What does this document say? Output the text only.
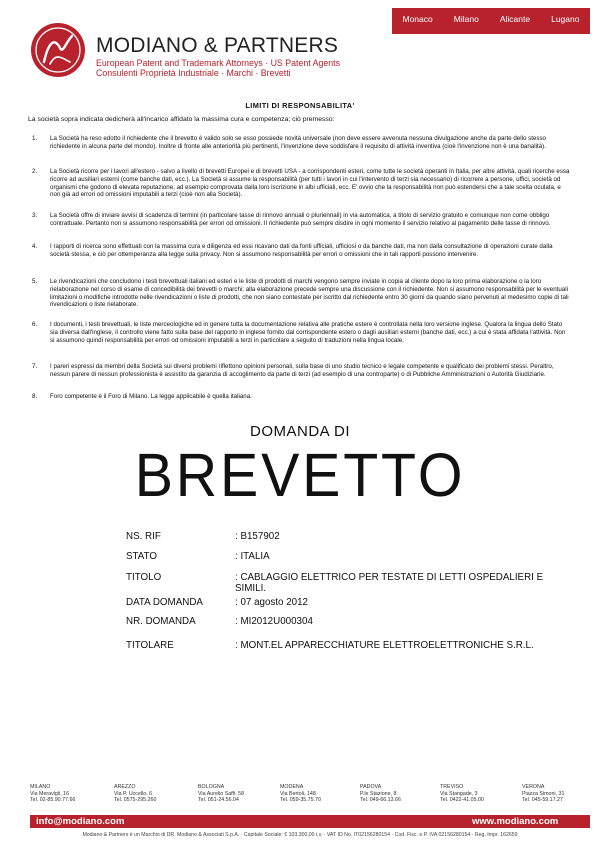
Monaco Milano Alicante Lugano
MODIANO & PARTNERS
European Patent and Trademark Attorneys · US Patent Agents
Consulenti Proprietà Industriale · Marchi · Brevetti
LIMITI DI RESPONSABILITA'
La società sopra indicata dedicherà all'incarico affidato la massima cura e competenza; ciò premesso:
1.	La Società ha reso edotto il richiedente che il brevetto è valido solo se esso possiede novità universale (non deve essere avvenuta nessuna divulgazione anche da parte dello stesso richiedente in alcuna parte del mondo). Inoltre di fronte alle anteriorità più pertinenti, l'invenzione deve soddisfare il requisito di attività inventiva (cioè l'invenzione non è una banalità).
2.	La Società ricorre per i lavori all'estero - salvo a livello di brevetti Europei e di brevetti USA - a corrispondenti esteri, come tutte le società operanti in Italia, per altre attività, quali ricerche essa ricorre ad ausiliari esterni (come banche dati, ecc.). La Società si assume la responsabilità (per tutti i lavori in cui l'intervento di terzi sia necessario) di ricorrere a persone, uffici, società od organismi che godono di elevata reputazione, ad esempio comprovata dalla loro iscrizione in albi ufficiali, ecc. E' ovvio che la responsabilità non può estendersi che a tale scelta oculata, e non già ad errori od omissioni imputabili a terzi (cioè non alla Società).
3.	La Società offre di inviare avvisi di scadenza di termini (in particolare tasse di rinnovo annuali o pluriennali) in via automatica, a titolo di servizio gratuito e comunque non come obbligo contrattuale. Pertanto non si assumono responsabilità per errori od omissioni. Il richiedente può sempre disdire in ogni momento il servizio relativo al pagamento delle tasse di rinnovo.
4.	I rapporti di ricerca sono effettuati con la massima cura e diligenza ed essi ricavano dati da fonti ufficiali, ufficiosi o da banche dati, ma non dalla consultazione di operazioni curate dalla società stessa, e ciò per ottemperanza alla legge sulla privacy. Non si assumono responsabilità per errori o omissioni che in tali rapporti possono intervenire.
5.	Le rivendicazioni che concludono i testi brevettuali italiani ed esteri e le liste di prodotti di marchi vengono sempre inviate in copia al cliente dopo la loro prima elaborazione o la loro rielaborazione nel corso di esame di concedibilità dei brevetti o marchi; alla elaborazione precede sempre una discussione con il richiedente. Non si assumono responsabilità per le eventuali limitazioni o modifiche introdotte nelle rivendicazioni o liste di prodotti, che non siano contestate per iscritto dal richiedente entro 30 giorni da quando siano pervenuti al medesimo copie di tali rivendicazioni o liste rielaborate.
6.	I documenti, i testi brevettuali, le liste merceologiche ed in genere tutta la documentazione relativa alle pratiche estere è controllata nella loro versione inglese. Qualora la lingua dello Stato sia diversa dall'inglese, il controllo viene fatto sulla base del rapporto in inglese fornito dal corrispondente estero o dagli ausiliari esterni (banche dati, ecc.) a cui è stata affidata l'attività. Non si assumono quindi responsabilità per errori od omissioni imputabili a terzi in particolare a seguito di traduzioni nella lingua locale.
7.	I pareri espressi da membri della Società sui diversi problemi riflettono opinioni personali, sulla base di uno studio tecnico e legale competente e qualificato dei problemi stessi. Peraltro, nessun parere di nessun professionista è assistito da garanzia di accoglimento da parte di terzi (ad esempio di una controparte) o di Pubbliche Amministrazioni o Autorità Giudiziarie.
8.	Foro competente è il Foro di Milano. La legge applicabile è quella italiana.
DOMANDA DI
BREVETTO
NS. RIF	: B157902
STATO	: ITALIA
TITOLO	: CABLAGGIO ELETTRICO PER TESTATE DI LETTI OSPEDALIERI E SIMILI.
DATA DOMANDA	: 07 agosto 2012
NR. DOMANDA	: MI2012U000304
TITOLARE	: MONT.EL APPARECCHIATURE ELETTROELETTRONICHE S.R.L.
MILANO
Via Meravigli, 16
Tel. 02-85.90.77.66
AREZZO
Via P. Uccello, 6
Tel. 0575-295.260
BOLOGNA
Via Aurelio Saffi, 58
Tel. 051-24.56.04
MODENA
Via Bertoli, 148
Tel. 059-35.75.70
PADOVA
P.le Stazione, 8
Tel. 049-66.13.66
TREVISO
Via Stangade, 3
Tel. 0422-41.05.00
VERONA
Piazza Simoni, 31
Tel. 045-59.17.27
info@modiano.com	www.modiano.com
Modiano & Partners è un Marchio di DR. Modiano & Associati S.p.A. · Capitale Sociale: € 103.300,00 i.v. · VAT ID No. IT02156280154 · Cod. Fisc. e P. IVA 02156280154 · Reg. Impr. 162659
